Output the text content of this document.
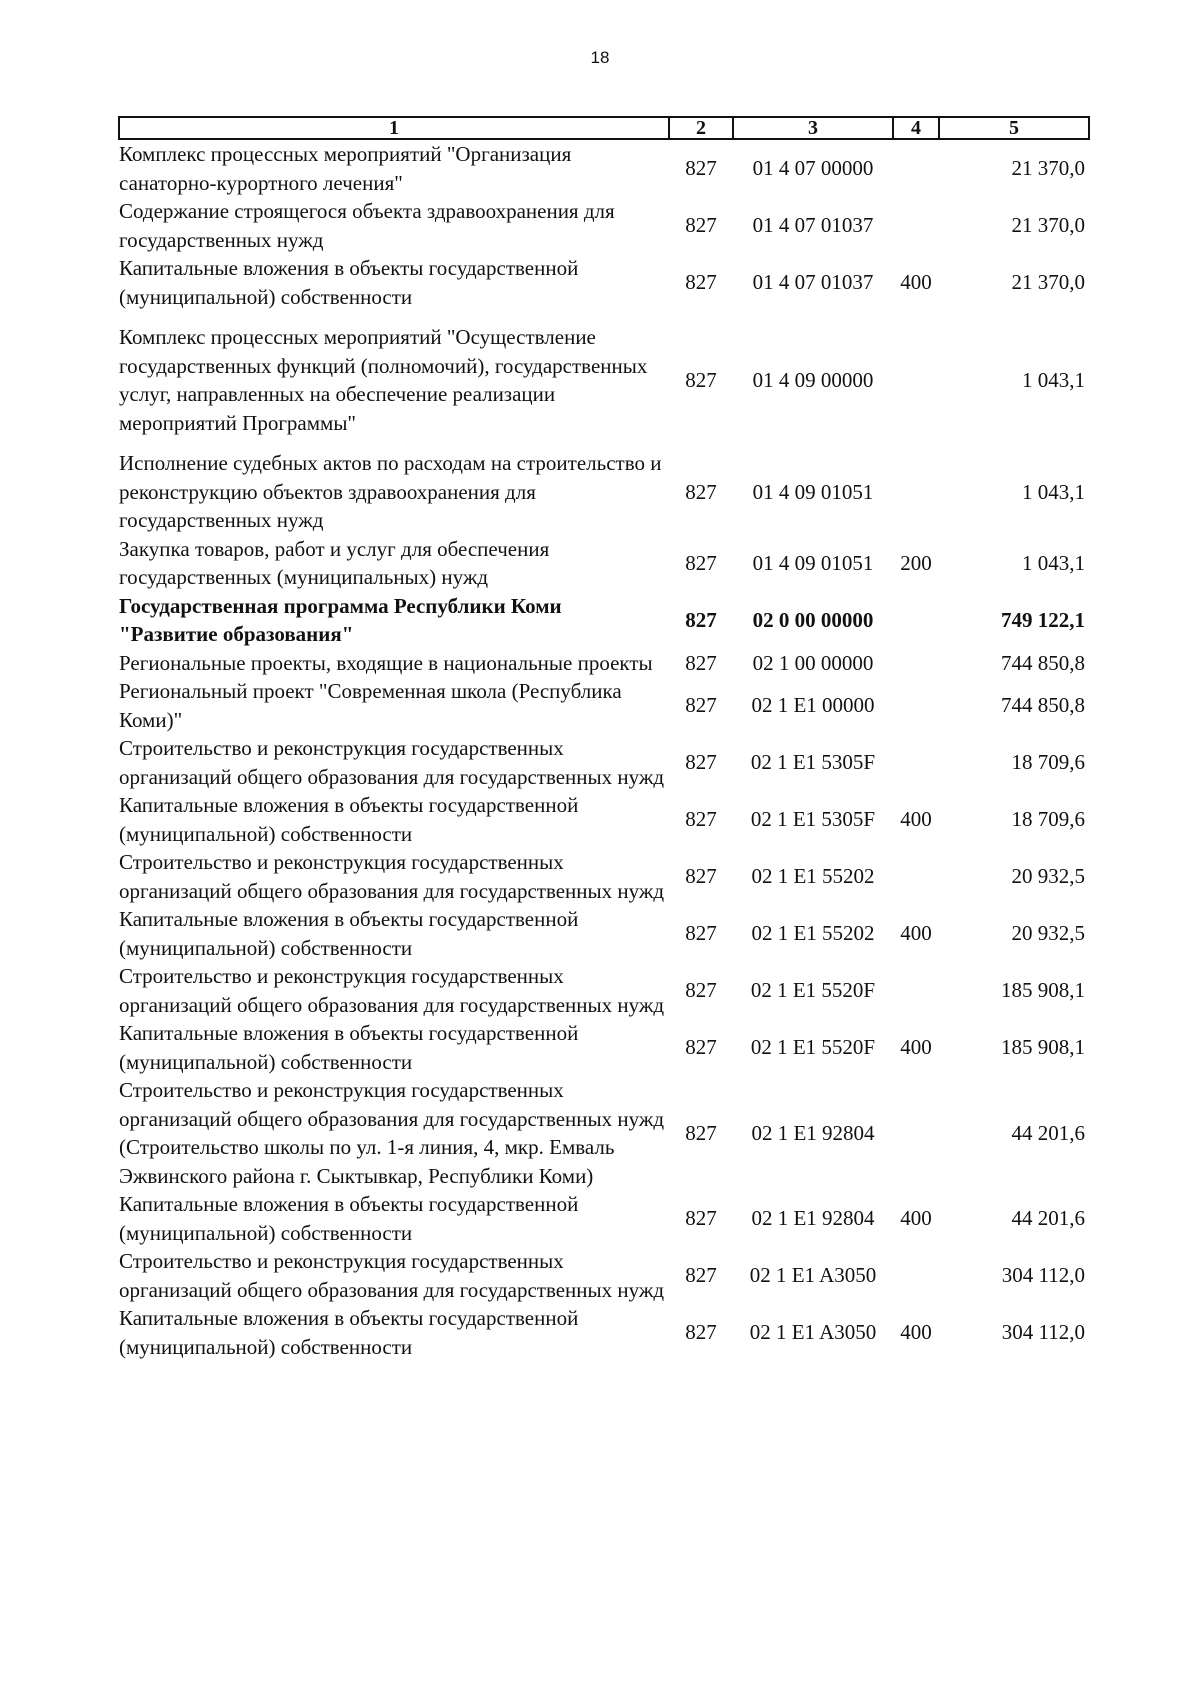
18
1	2	3	4	5
Комплекс процессных мероприятий "Организация санаторно-курортного лечения"	827	01 4 07 00000		21 370,0
Содержание строящегося объекта здравоохранения для государственных нужд	827	01 4 07 01037		21 370,0
Капитальные вложения в объекты государственной (муниципальной) собственности	827	01 4 07 01037	400	21 370,0
Комплекс процессных мероприятий "Осуществление государственных функций (полномочий), государственных услуг, направленных на обеспечение реализации мероприятий Программы"	827	01 4 09 00000		1 043,1
Исполнение судебных актов по расходам на строительство и реконструкцию объектов здравоохранения для государственных нужд	827	01 4 09 01051		1 043,1
Закупка товаров, работ и услуг для обеспечения государственных (муниципальных) нужд	827	01 4 09 01051	200	1 043,1
Государственная программа Республики Коми "Развитие образования"	827	02 0 00 00000		749 122,1
Региональные проекты, входящие в национальные проекты	827	02 1 00 00000		744 850,8
Региональный проект "Современная школа (Республика Коми)"	827	02 1 E1 00000		744 850,8
Строительство и реконструкция государственных организаций общего образования для государственных нужд	827	02 1 E1 5305F		18 709,6
Капитальные вложения в объекты государственной (муниципальной) собственности	827	02 1 E1 5305F	400	18 709,6
Строительство и реконструкция государственных организаций общего образования для государственных нужд	827	02 1 E1 55202		20 932,5
Капитальные вложения в объекты государственной (муниципальной) собственности	827	02 1 E1 55202	400	20 932,5
Строительство и реконструкция государственных организаций общего образования для государственных нужд	827	02 1 E1 5520F		185 908,1
Капитальные вложения в объекты государственной (муниципальной) собственности	827	02 1 E1 5520F	400	185 908,1
Строительство и реконструкция государственных организаций общего образования для государственных нужд (Строительство школы по ул. 1-я линия, 4, мкр. Емваль Эжвинского района г. Сыктывкар, Республики Коми)	827	02 1 E1 92804		44 201,6
Капитальные вложения в объекты государственной (муниципальной) собственности	827	02 1 E1 92804	400	44 201,6
Строительство и реконструкция государственных организаций общего образования для государственных нужд	827	02 1 E1 A3050		304 112,0
Капитальные вложения в объекты государственной (муниципальной) собственности	827	02 1 E1 A3050	400	304 112,0
